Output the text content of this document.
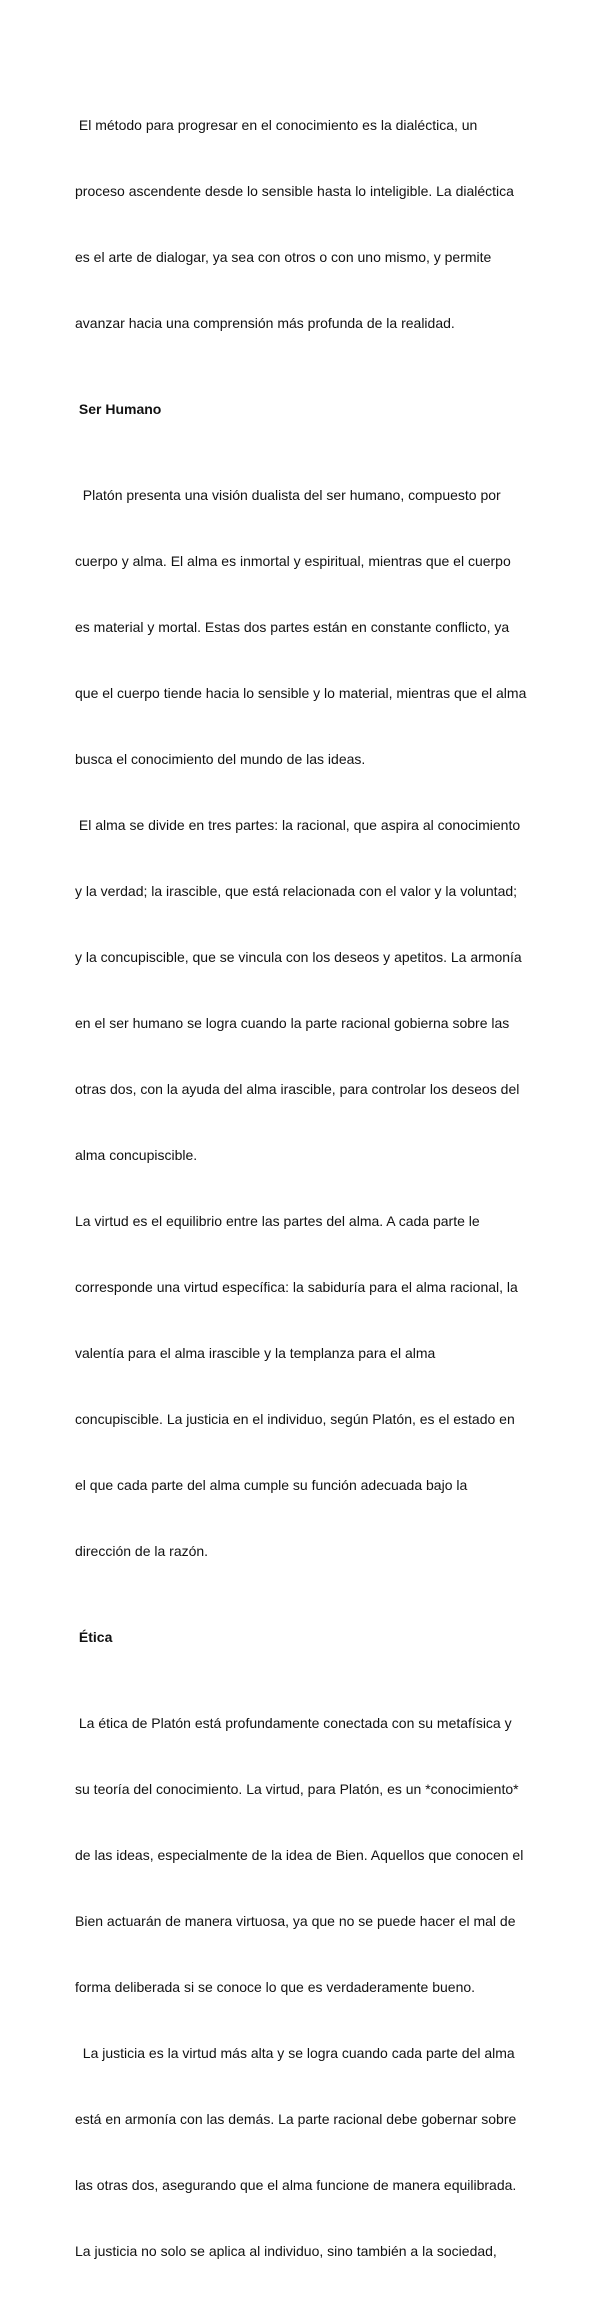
El método para progresar en el conocimiento es la dialéctica, un

proceso ascendente desde lo sensible hasta lo inteligible. La dialéctica

es el arte de dialogar, ya sea con otros o con uno mismo, y permite

avanzar hacia una comprensión más profunda de la realidad.

Ser Humano

Platón presenta una visión dualista del ser humano, compuesto por

cuerpo y alma. El alma es inmortal y espiritual, mientras que el cuerpo

es material y mortal. Estas dos partes están en constante conflicto, ya

que el cuerpo tiende hacia lo sensible y lo material, mientras que el alma

busca el conocimiento del mundo de las ideas.

El alma se divide en tres partes: la racional, que aspira al conocimiento

y la verdad; la irascible, que está relacionada con el valor y la voluntad;

y la concupiscible, que se vincula con los deseos y apetitos. La armonía

en el ser humano se logra cuando la parte racional gobierna sobre las

otras dos, con la ayuda del alma irascible, para controlar los deseos del

alma concupiscible.

La virtud es el equilibrio entre las partes del alma. A cada parte le

corresponde una virtud específica: la sabiduría para el alma racional, la

valentía para el alma irascible y la templanza para el alma

concupiscible. La justicia en el individuo, según Platón, es el estado en

el que cada parte del alma cumple su función adecuada bajo la

dirección de la razón.

Ética

La ética de Platón está profundamente conectada con su metafísica y

su teoría del conocimiento. La virtud, para Platón, es un *conocimiento*

de las ideas, especialmente de la idea de Bien. Aquellos que conocen el

Bien actuarán de manera virtuosa, ya que no se puede hacer el mal de

forma deliberada si se conoce lo que es verdaderamente bueno.

La justicia es la virtud más alta y se logra cuando cada parte del alma

está en armonía con las demás. La parte racional debe gobernar sobre

las otras dos, asegurando que el alma funcione de manera equilibrada.

La justicia no solo se aplica al individuo, sino también a la sociedad,
